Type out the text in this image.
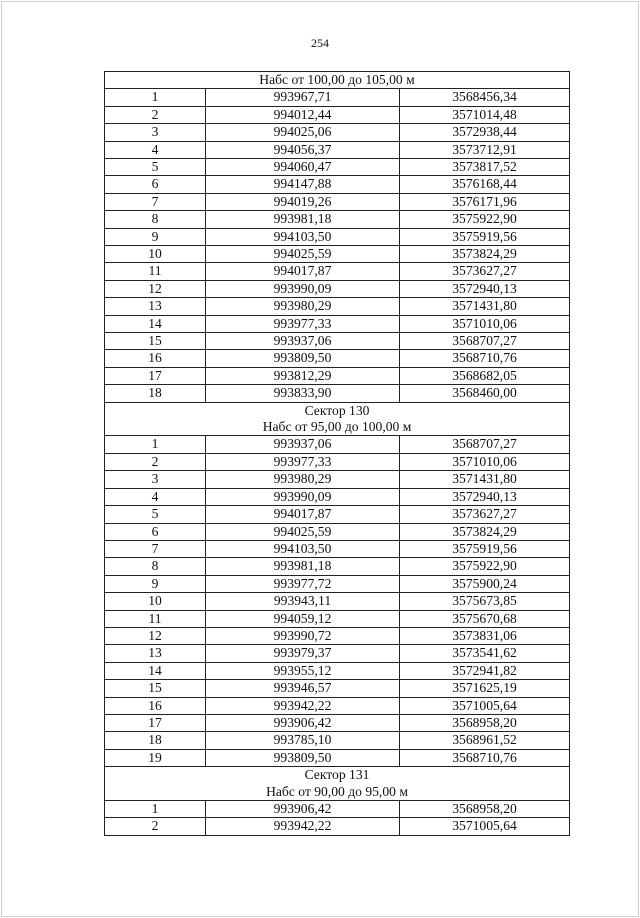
254
Набс от 100,00 до 105,00 м		

1	993967,71	3568456,34
2	994012,44	3571014,48
3	994025,06	3572938,44
4	994056,37	3573712,91
5	994060,47	3573817,52
6	994147,88	3576168,44
7	994019,26	3576171,96
8	993981,18	3575922,90
9	994103,50	3575919,56
10	994025,59	3573824,29
11	994017,87	3573627,27
12	993990,09	3572940,13
13	993980,29	3571431,80
14	993977,33	3571010,06
15	993937,06	3568707,27
16	993809,50	3568710,76
17	993812,29	3568682,05
18	993833,90	3568460,00

Сектор 130
Набс от 95,00 до 100,00 м		

1	993937,06	3568707,27
2	993977,33	3571010,06
3	993980,29	3571431,80
4	993990,09	3572940,13
5	994017,87	3573627,27
6	994025,59	3573824,29
7	994103,50	3575919,56
8	993981,18	3575922,90
9	993977,72	3575900,24
10	993943,11	3575673,85
11	994059,12	3575670,68
12	993990,72	3573831,06
13	993979,37	3573541,62
14	993955,12	3572941,82
15	993946,57	3571625,19
16	993942,22	3571005,64
17	993906,42	3568958,20
18	993785,10	3568961,52
19	993809,50	3568710,76

Сектор 131
Набс от 90,00 до 95,00 м		

1	993906,42	3568958,20
2	993942,22	3571005,64
